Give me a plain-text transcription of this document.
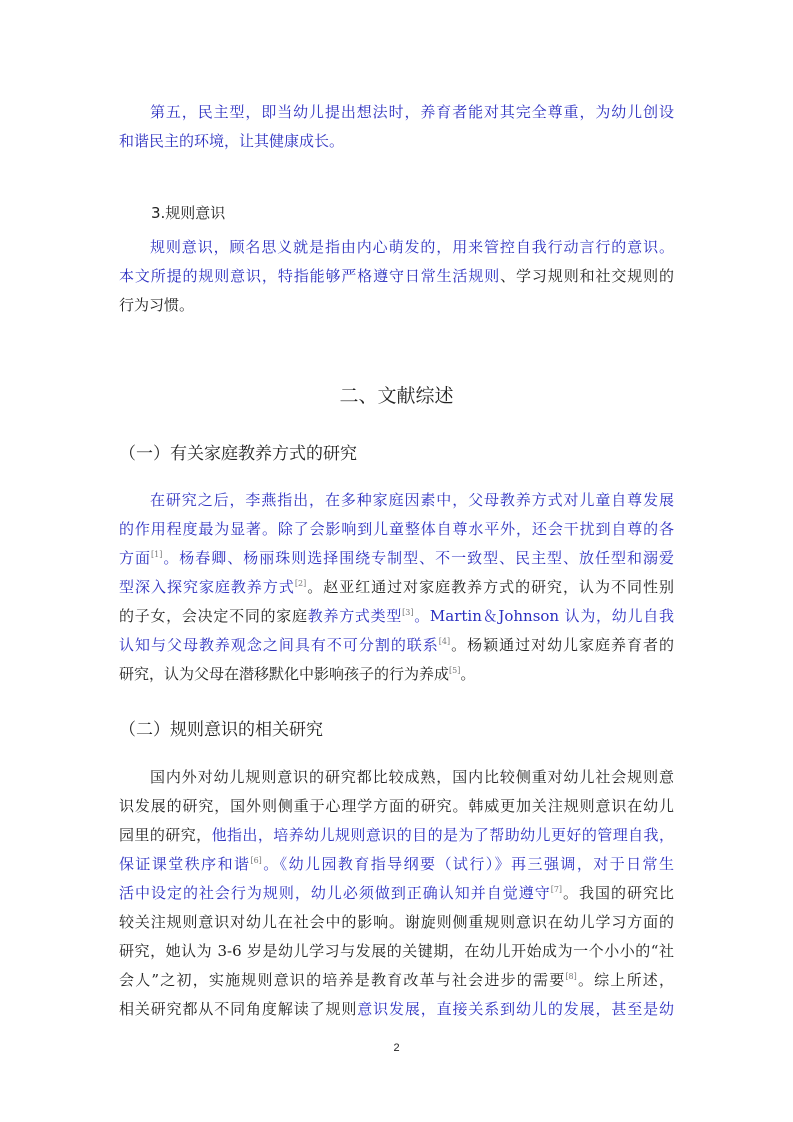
第五，民主型，即当幼儿提出想法时，养育者能对其完全尊重，为幼儿创设
和谐民主的环境，让其健康成长。
3.规则意识
规则意识，顾名思义就是指由内心萌发的，用来管控自我行动言行的意识。
本文所提的规则意识，特指能够严格遵守日常生活规则、学习规则和社交规则的
行为习惯。
二、文献综述
（一）有关家庭教养方式的研究
在研究之后，李燕指出，在多种家庭因素中，父母教养方式对儿童自尊发展
的作用程度最为显著。除了会影响到儿童整体自尊水平外，还会干扰到自尊的各
方面[1]。杨春卿、杨丽珠则选择围绕专制型、不一致型、民主型、放任型和溺爱
型深入探究家庭教养方式[2]。赵亚红通过对家庭教养方式的研究，认为不同性别
的子女，会决定不同的家庭教养方式类型[3]。Martin＆Johnson 认为，幼儿自我
认知与父母教养观念之间具有不可分割的联系[4]。杨颖通过对幼儿家庭养育者的
研究，认为父母在潜移默化中影响孩子的行为养成[5]。
（二）规则意识的相关研究
国内外对幼儿规则意识的研究都比较成熟，国内比较侧重对幼儿社会规则意
识发展的研究，国外则侧重于心理学方面的研究。韩威更加关注规则意识在幼儿
园里的研究，他指出，培养幼儿规则意识的目的是为了帮助幼儿更好的管理自我，
保证课堂秩序和谐[6]。《幼儿园教育指导纲要（试行）》再三强调，对于日常生
活中设定的社会行为规则，幼儿必须做到正确认知并自觉遵守[7]。我国的研究比
较关注规则意识对幼儿在社会中的影响。谢旋则侧重规则意识在幼儿学习方面的
研究，她认为 3-6 岁是幼儿学习与发展的关键期，在幼儿开始成为一个小小的“社
会人”之初，实施规则意识的培养是教育改革与社会进步的需要[8]。综上所述，
相关研究都从不同角度解读了规则意识发展，直接关系到幼儿的发展，甚至是幼
2
